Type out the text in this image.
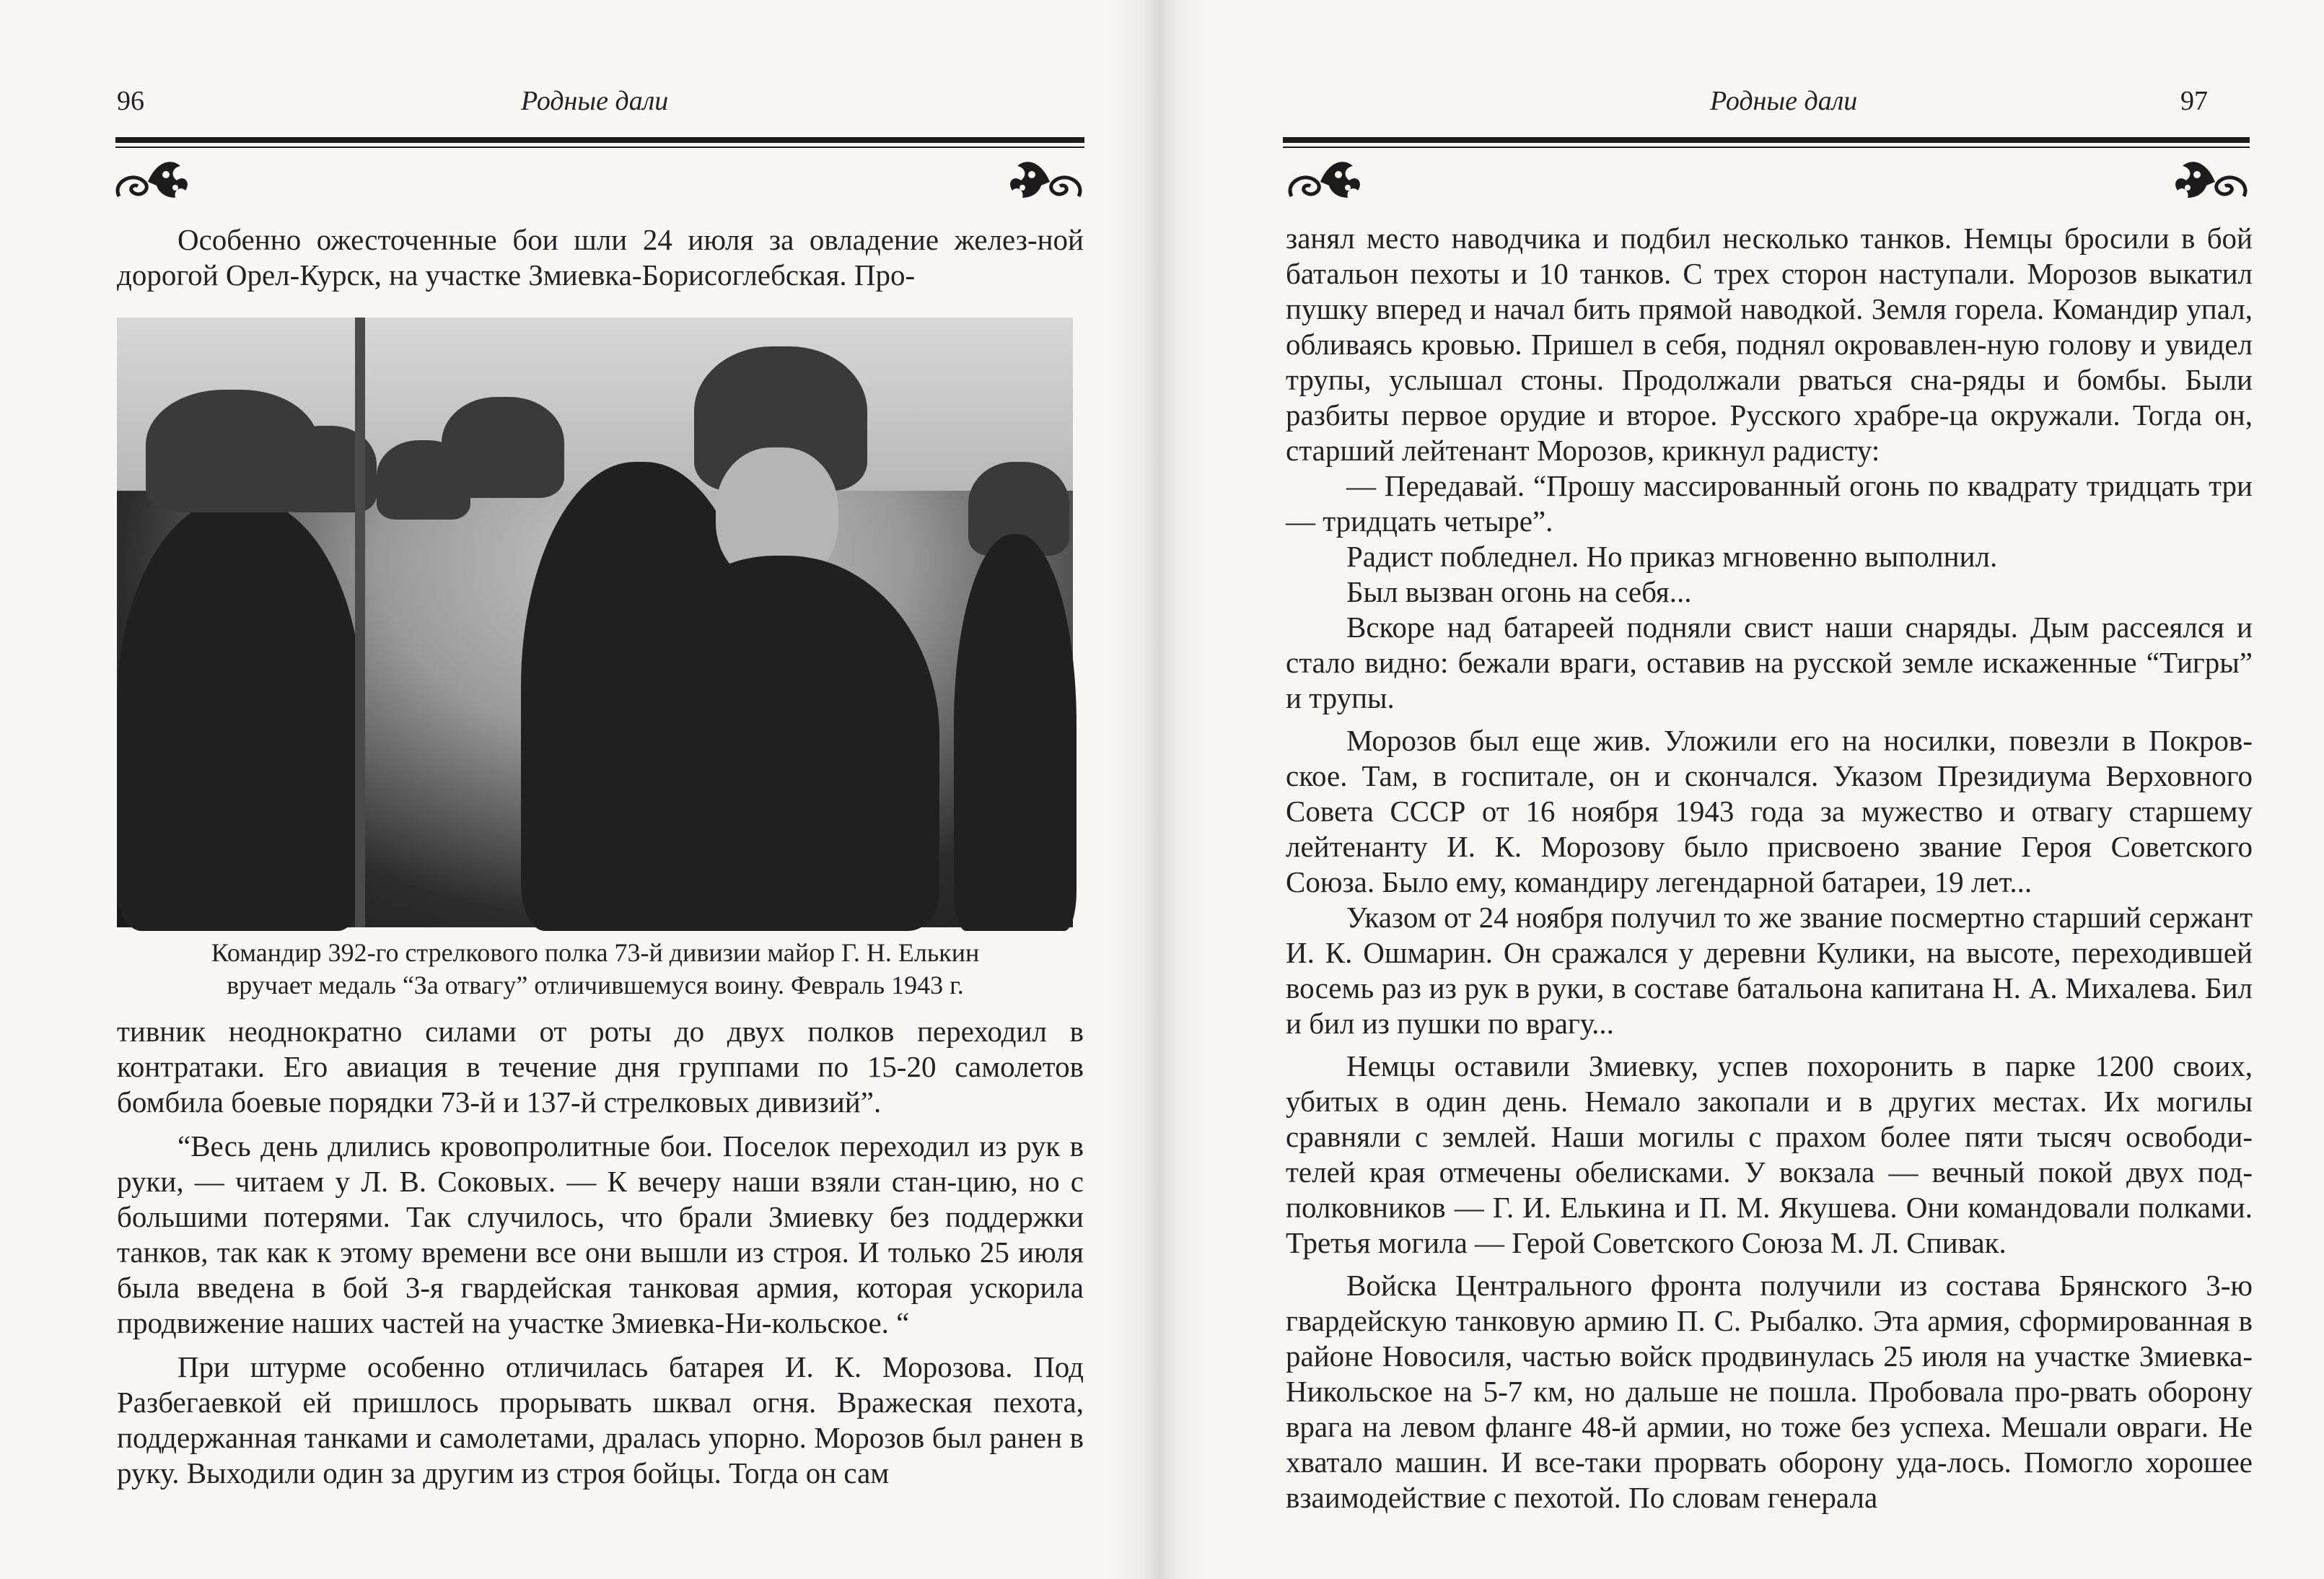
96	Родные дали

Особенно ожесточенные бои шли 24 июля за овладение желез-ной дорогой Орел-Курск, на участке Змиевка-Борисоглебская. Про-

Командир 392-го стрелкового полка 73-й дивизии майор Г. Н. Елькин
вручает медаль “За отвагу” отличившемуся воину. Февраль 1943 г.

тивник неоднократно силами от роты до двух полков переходил в контратаки. Его авиация в течение дня группами по 15-20 самолетов бомбила боевые порядки 73-й и 137-й стрелковых дивизий”.

“Весь день длились кровопролитные бои. Поселок переходил из рук в руки, — читаем у Л. В. Соковых. — К вечеру наши взяли стан-цию, но с большими потерями. Так случилось, что брали Змиевку без поддержки танков, так как к этому времени все они вышли из строя. И только 25 июля была введена в бой 3-я гвардейская танковая армия, которая ускорила продвижение наших частей на участке Змиевка-Ни-кольское. “

При штурме особенно отличилась батарея И. К. Морозова. Под Разбегаевкой ей пришлось прорывать шквал огня. Вражеская пехота, поддержанная танками и самолетами, дралась упорно. Морозов был ранен в руку. Выходили один за другим из строя бойцы. Тогда он сам

Родные дали	97

занял место наводчика и подбил несколько танков. Немцы бросили в бой батальон пехоты и 10 танков. С трех сторон наступали. Морозов выкатил пушку вперед и начал бить прямой наводкой. Земля горела. Командир упал, обливаясь кровью. Пришел в себя, поднял окровавлен-ную голову и увидел трупы, услышал стоны. Продолжали рваться сна-ряды и бомбы. Были разбиты первое орудие и второе. Русского храбре-ца окружали. Тогда он, старший лейтенант Морозов, крикнул радисту:

— Передавай. “Прошу массированный огонь по квадрату тридцать три — тридцать четыре”.

Радист побледнел. Но приказ мгновенно выполнил.

Был вызван огонь на себя...

Вскоре над батареей подняли свист наши снаряды. Дым рассеялся и стало видно: бежали враги, оставив на русской земле искаженные “Тигры” и трупы.

Морозов был еще жив. Уложили его на носилки, повезли в Покров-ское. Там, в госпитале, он и скончался. Указом Президиума Верховного Совета СССР от 16 ноября 1943 года за мужество и отвагу старшему лейтенанту И. К. Морозову было присвоено звание Героя Советского Союза. Было ему, командиру легендарной батареи, 19 лет...

Указом от 24 ноября получил то же звание посмертно старший сержант И. К. Ошмарин. Он сражался у деревни Кулики, на высоте, переходившей восемь раз из рук в руки, в составе батальона капитана Н. А. Михалева. Бил и бил из пушки по врагу...

Немцы оставили Змиевку, успев похоронить в парке 1200 своих, убитых в один день. Немало закопали и в других местах. Их могилы сравняли с землей. Наши могилы с прахом более пяти тысяч освободи-телей края отмечены обелисками. У вокзала — вечный покой двух под-полковников — Г. И. Елькина и П. М. Якушева. Они командовали полками. Третья могила — Герой Советского Союза М. Л. Спивак.

Войска Центрального фронта получили из состава Брянского 3-ю гвардейскую танковую армию П. С. Рыбалко. Эта армия, сформированная в районе Новосиля, частью войск продвинулась 25 июля на участке Змиевка-Никольское на 5-7 км, но дальше не пошла. Пробовала про-рвать оборону врага на левом фланге 48-й армии, но тоже без успеха. Мешали овраги. Не хватало машин. И все-таки прорвать оборону уда-лось. Помогло хорошее взаимодействие с пехотой. По словам генерала
